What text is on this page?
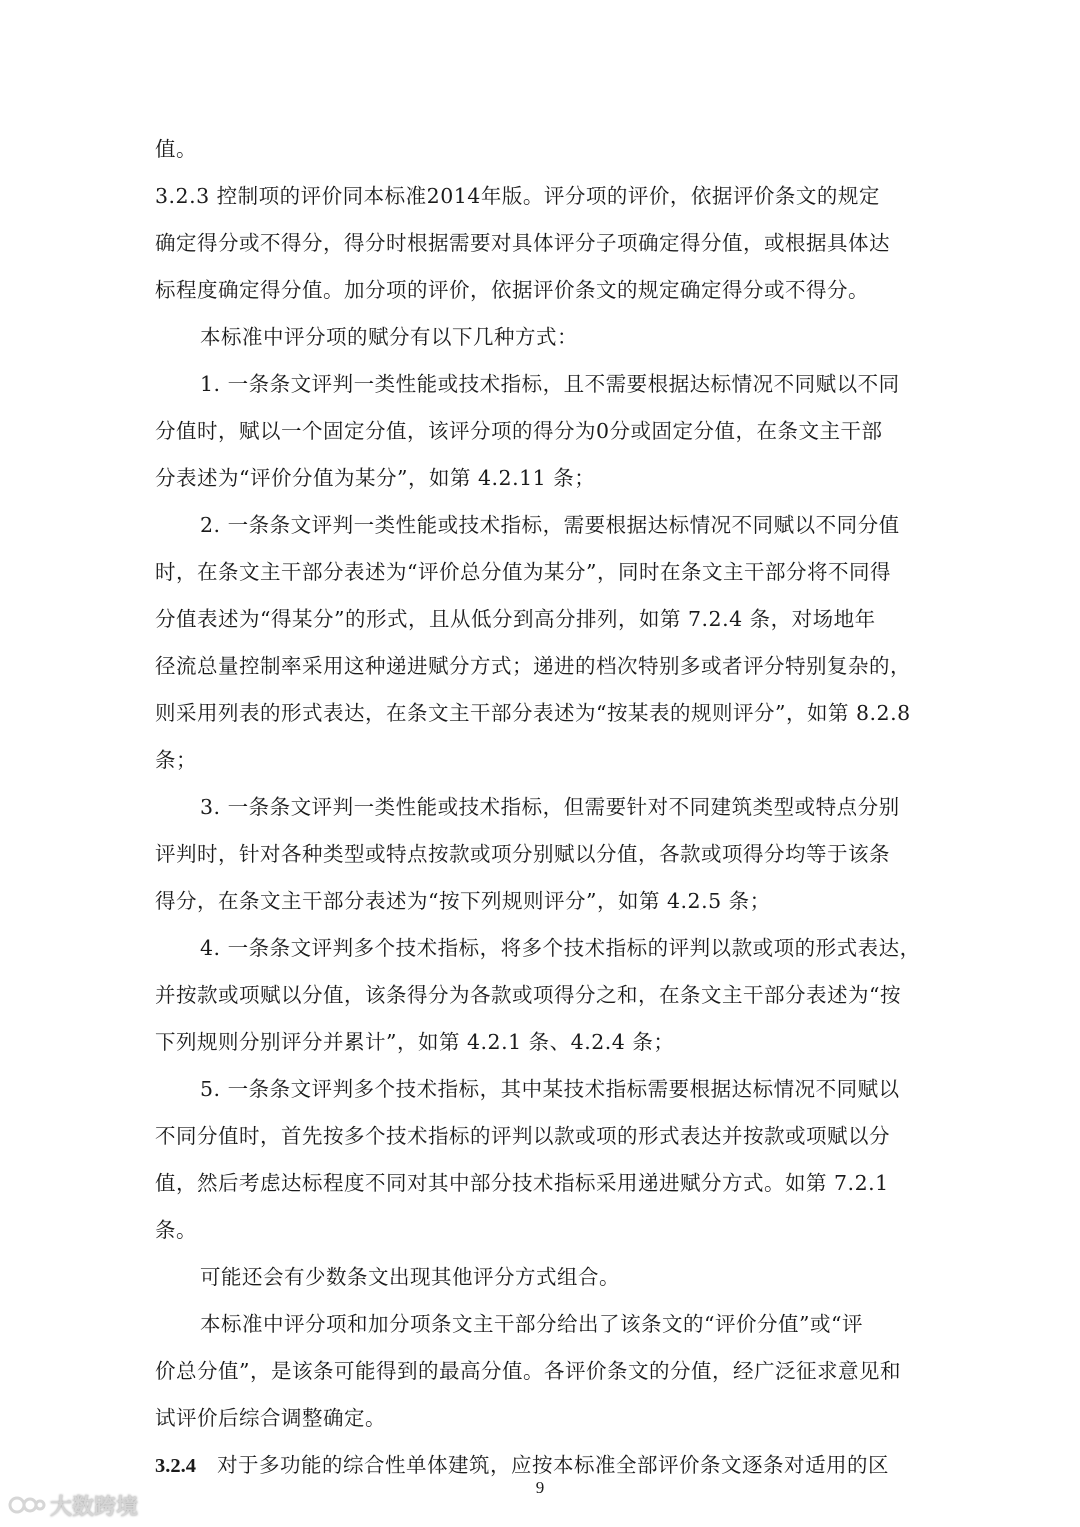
值。
3.2.3 控制项的评价同本标准2014年版。评分项的评价，依据评价条文的规定
确定得分或不得分，得分时根据需要对具体评分子项确定得分值，或根据具体达
标程度确定得分值。加分项的评价，依据评价条文的规定确定得分或不得分。
本标准中评分项的赋分有以下几种方式：
1. 一条条文评判一类性能或技术指标，且不需要根据达标情况不同赋以不同
分值时，赋以一个固定分值，该评分项的得分为0分或固定分值，在条文主干部
分表述为“评价分值为某分”，如第 4.2.11 条；
2. 一条条文评判一类性能或技术指标，需要根据达标情况不同赋以不同分值
时，在条文主干部分表述为“评价总分值为某分”，同时在条文主干部分将不同得
分值表述为“得某分”的形式，且从低分到高分排列，如第 7.2.4 条，对场地年
径流总量控制率采用这种递进赋分方式；递进的档次特别多或者评分特别复杂的，
则采用列表的形式表达，在条文主干部分表述为“按某表的规则评分”，如第 8.2.8
条；
3. 一条条文评判一类性能或技术指标，但需要针对不同建筑类型或特点分别
评判时，针对各种类型或特点按款或项分别赋以分值，各款或项得分均等于该条
得分，在条文主干部分表述为“按下列规则评分”，如第 4.2.5 条；
4. 一条条文评判多个技术指标，将多个技术指标的评判以款或项的形式表达，
并按款或项赋以分值，该条得分为各款或项得分之和，在条文主干部分表述为“按
下列规则分别评分并累计”，如第 4.2.1 条、4.2.4 条；
5. 一条条文评判多个技术指标，其中某技术指标需要根据达标情况不同赋以
不同分值时，首先按多个技术指标的评判以款或项的形式表达并按款或项赋以分
值，然后考虑达标程度不同对其中部分技术指标采用递进赋分方式。如第 7.2.1
条。
可能还会有少数条文出现其他评分方式组合。
本标准中评分项和加分项条文主干部分给出了该条文的“评价分值”或“评
价总分值”，是该条可能得到的最高分值。各评价条文的分值，经广泛征求意见和
试评价后综合调整确定。
3.2.4 对于多功能的综合性单体建筑，应按本标准全部评价条文逐条对适用的区
9
大数跨境
